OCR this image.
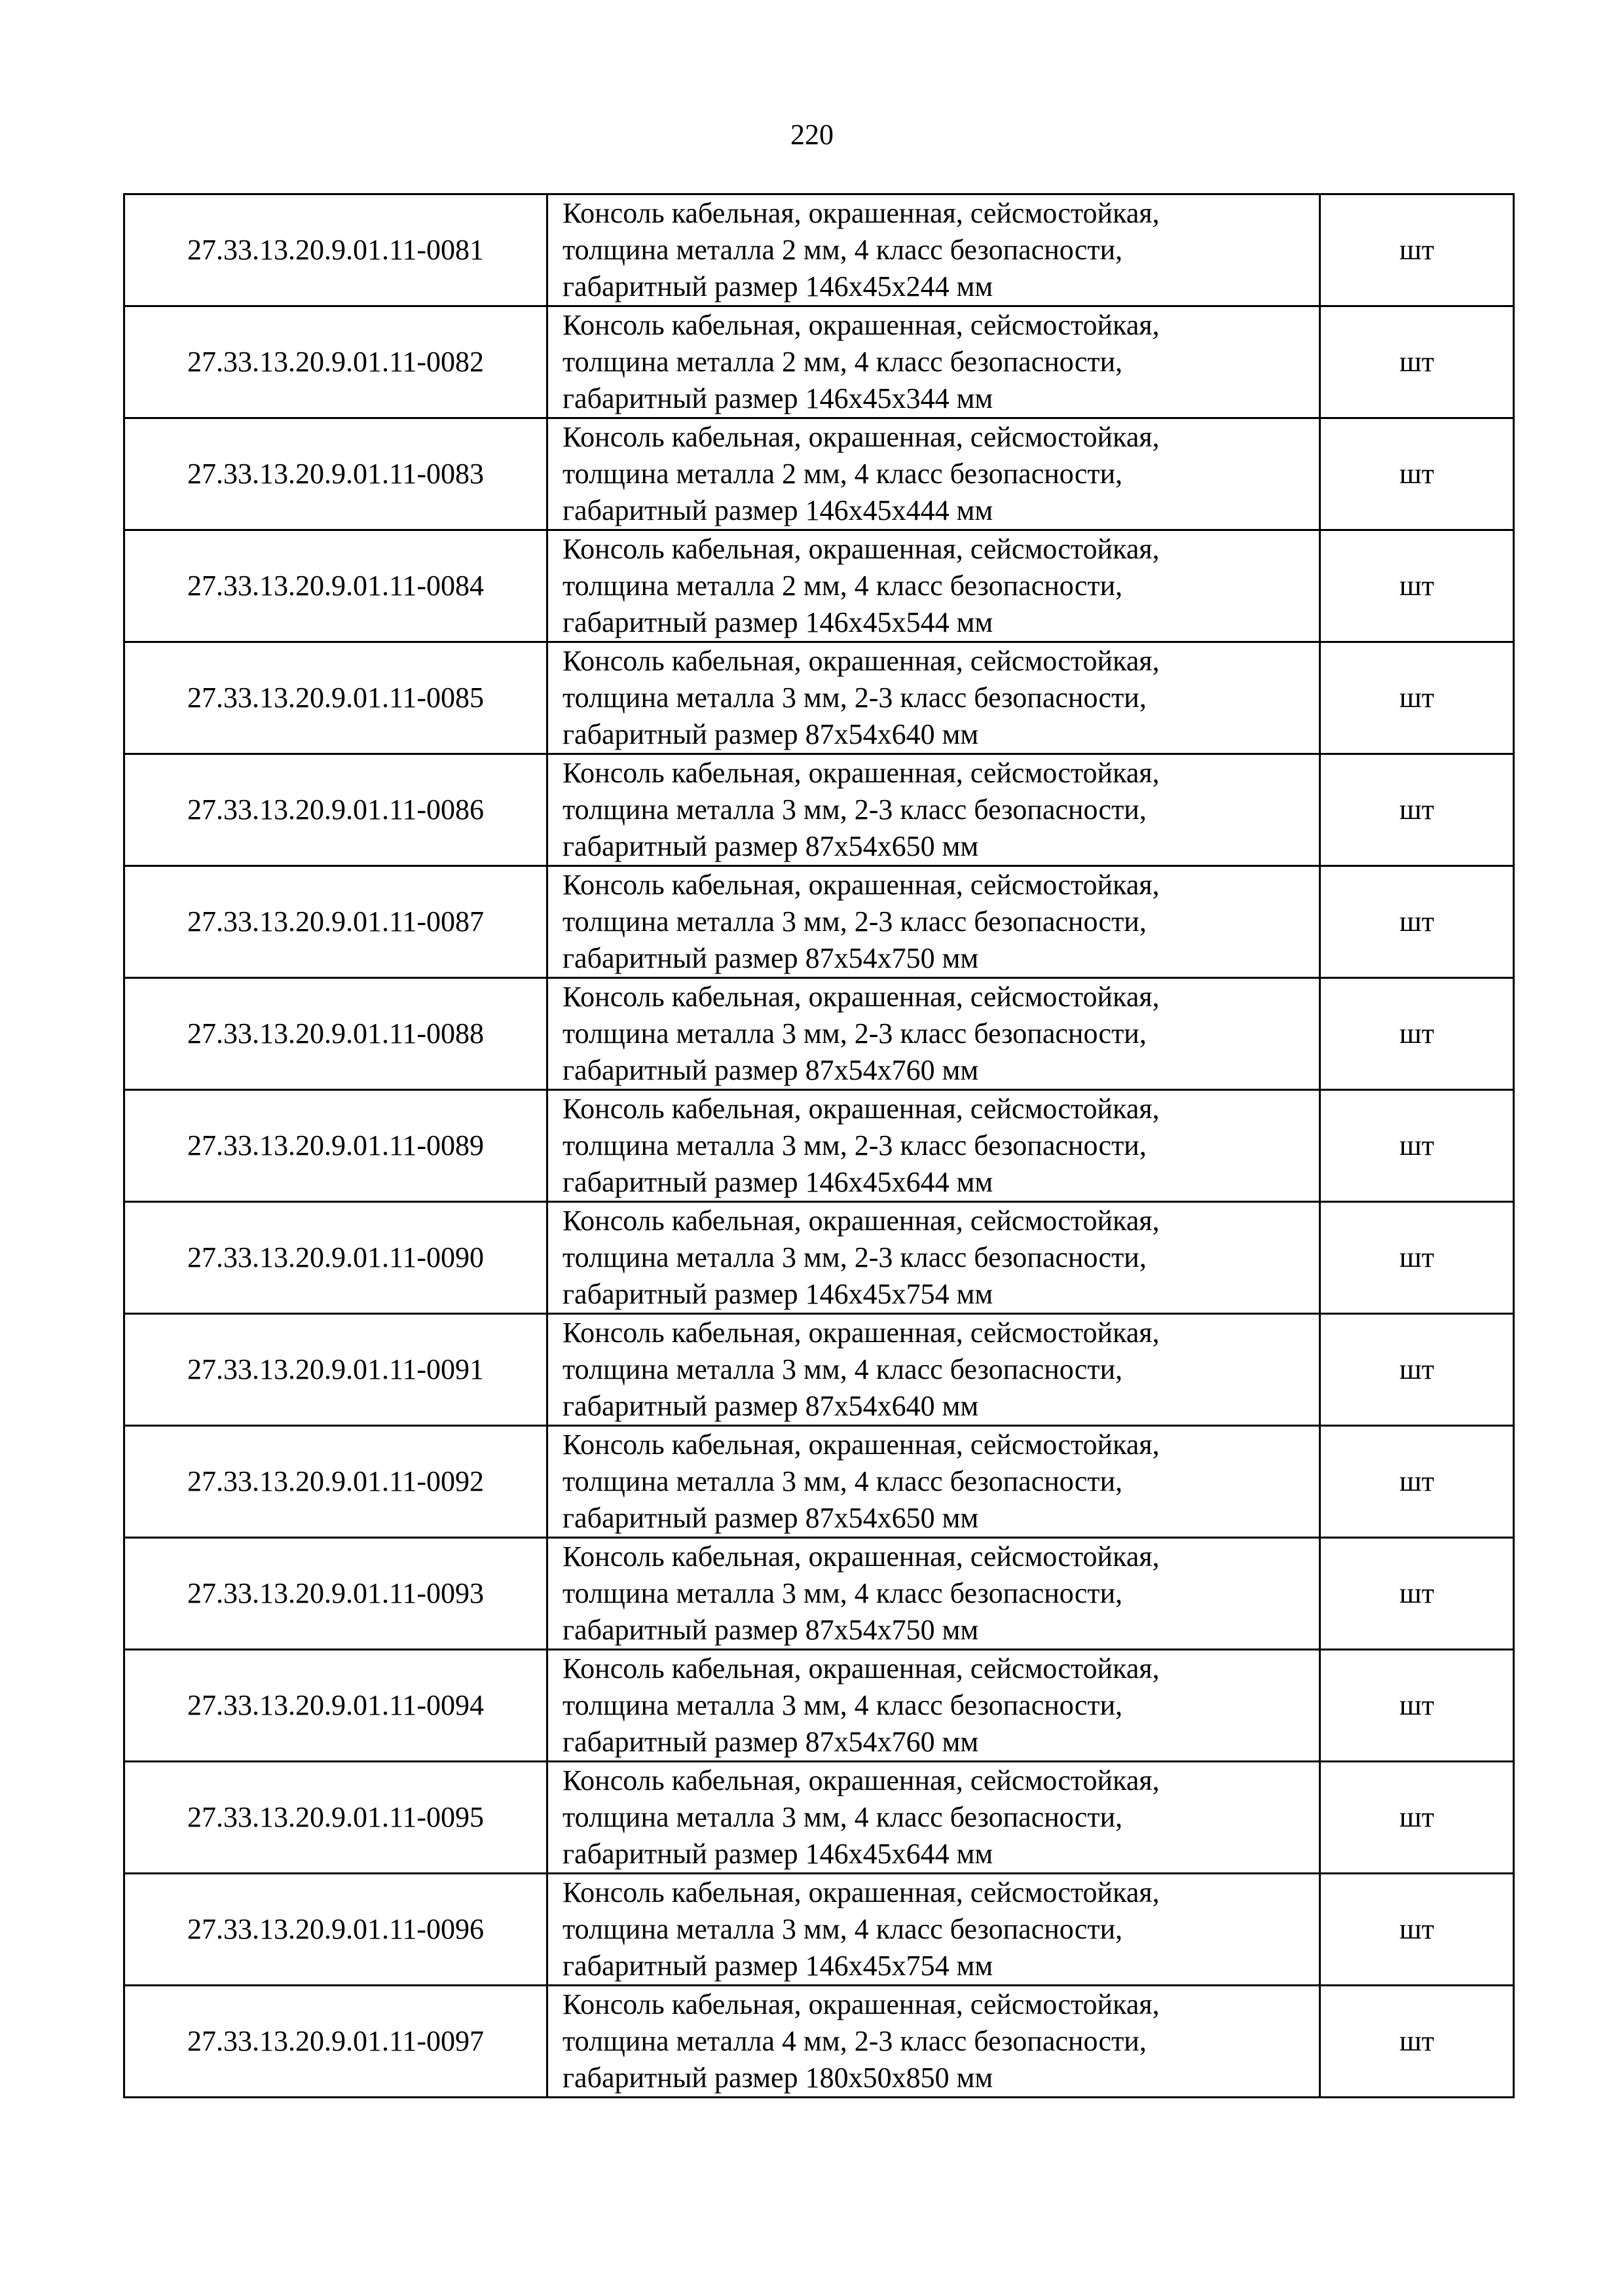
220
27.33.13.20.9.01.11-0081	Консоль кабельная, окрашенная, сейсмостойкая,
толщина металла 2 мм, 4 класс безопасности,
габаритный размер 146х45х244 мм	шт
27.33.13.20.9.01.11-0082	Консоль кабельная, окрашенная, сейсмостойкая,
толщина металла 2 мм, 4 класс безопасности,
габаритный размер 146х45х344 мм	шт
27.33.13.20.9.01.11-0083	Консоль кабельная, окрашенная, сейсмостойкая,
толщина металла 2 мм, 4 класс безопасности,
габаритный размер 146х45х444 мм	шт
27.33.13.20.9.01.11-0084	Консоль кабельная, окрашенная, сейсмостойкая,
толщина металла 2 мм, 4 класс безопасности,
габаритный размер 146х45х544 мм	шт
27.33.13.20.9.01.11-0085	Консоль кабельная, окрашенная, сейсмостойкая,
толщина металла 3 мм, 2-3 класс безопасности,
габаритный размер 87х54х640 мм	шт
27.33.13.20.9.01.11-0086	Консоль кабельная, окрашенная, сейсмостойкая,
толщина металла 3 мм, 2-3 класс безопасности,
габаритный размер 87х54х650 мм	шт
27.33.13.20.9.01.11-0087	Консоль кабельная, окрашенная, сейсмостойкая,
толщина металла 3 мм, 2-3 класс безопасности,
габаритный размер 87х54х750 мм	шт
27.33.13.20.9.01.11-0088	Консоль кабельная, окрашенная, сейсмостойкая,
толщина металла 3 мм, 2-3 класс безопасности,
габаритный размер 87х54х760 мм	шт
27.33.13.20.9.01.11-0089	Консоль кабельная, окрашенная, сейсмостойкая,
толщина металла 3 мм, 2-3 класс безопасности,
габаритный размер 146х45х644 мм	шт
27.33.13.20.9.01.11-0090	Консоль кабельная, окрашенная, сейсмостойкая,
толщина металла 3 мм, 2-3 класс безопасности,
габаритный размер 146х45х754 мм	шт
27.33.13.20.9.01.11-0091	Консоль кабельная, окрашенная, сейсмостойкая,
толщина металла 3 мм, 4 класс безопасности,
габаритный размер 87х54х640 мм	шт
27.33.13.20.9.01.11-0092	Консоль кабельная, окрашенная, сейсмостойкая,
толщина металла 3 мм, 4 класс безопасности,
габаритный размер 87х54х650 мм	шт
27.33.13.20.9.01.11-0093	Консоль кабельная, окрашенная, сейсмостойкая,
толщина металла 3 мм, 4 класс безопасности,
габаритный размер 87х54х750 мм	шт
27.33.13.20.9.01.11-0094	Консоль кабельная, окрашенная, сейсмостойкая,
толщина металла 3 мм, 4 класс безопасности,
габаритный размер 87х54х760 мм	шт
27.33.13.20.9.01.11-0095	Консоль кабельная, окрашенная, сейсмостойкая,
толщина металла 3 мм, 4 класс безопасности,
габаритный размер 146х45х644 мм	шт
27.33.13.20.9.01.11-0096	Консоль кабельная, окрашенная, сейсмостойкая,
толщина металла 3 мм, 4 класс безопасности,
габаритный размер 146х45х754 мм	шт
27.33.13.20.9.01.11-0097	Консоль кабельная, окрашенная, сейсмостойкая,
толщина металла 4 мм, 2-3 класс безопасности,
габаритный размер 180х50х850 мм	шт
